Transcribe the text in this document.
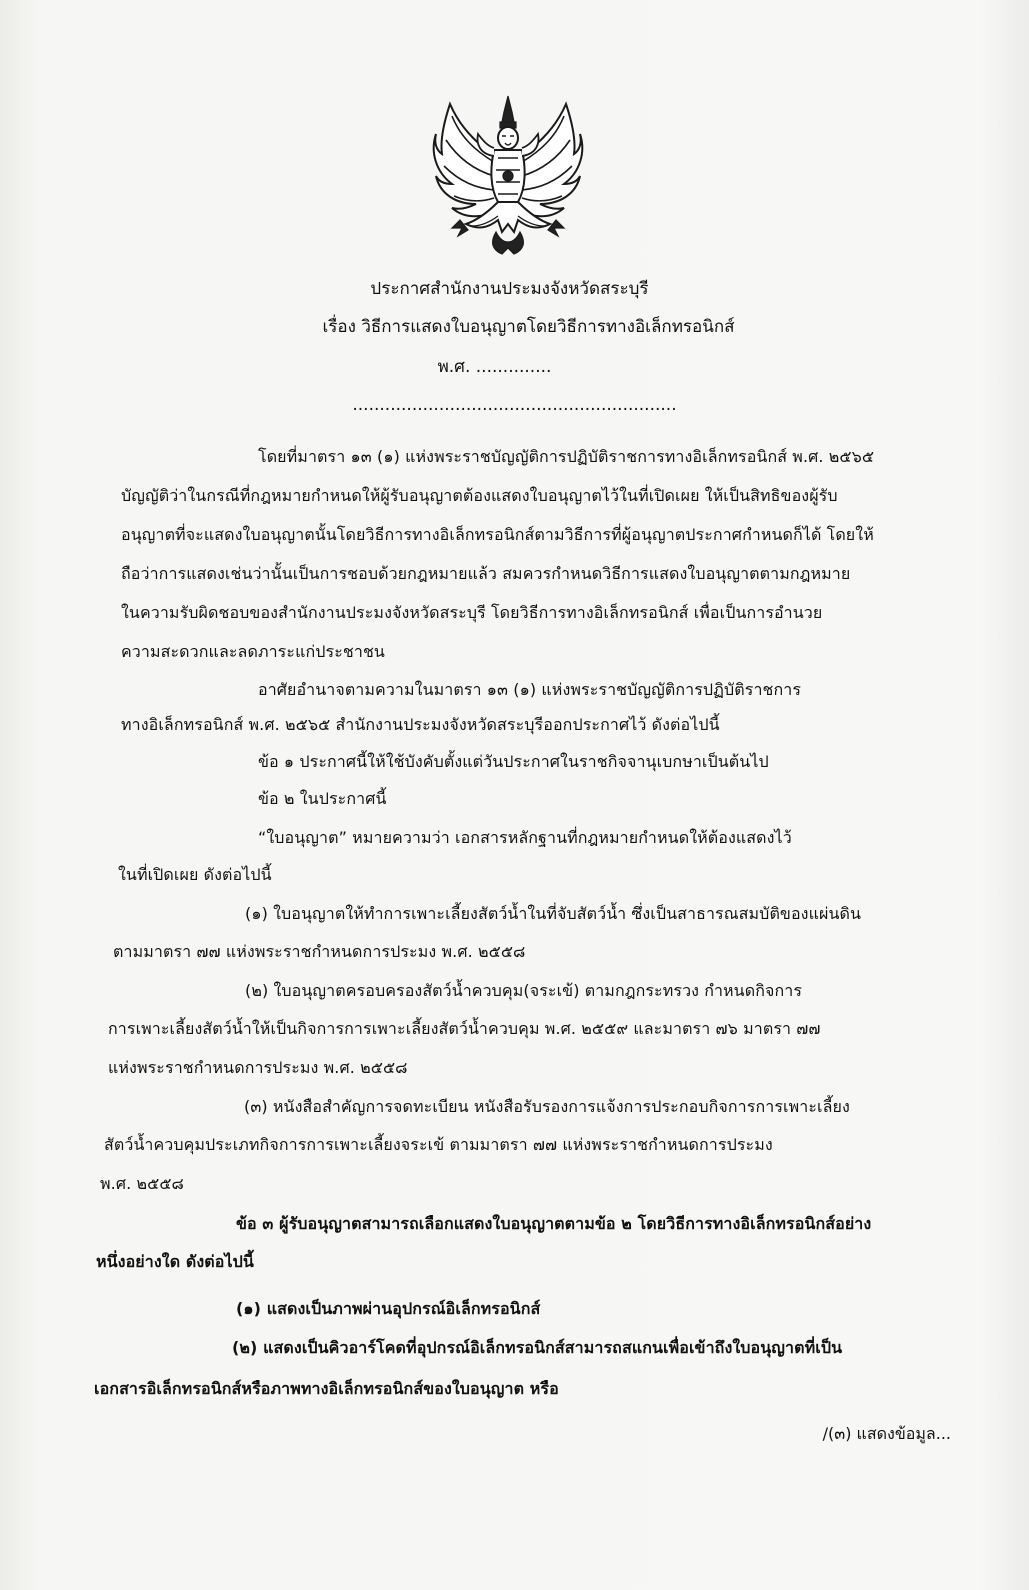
ประกาศสำนักงานประมงจังหวัดสระบุรี
เรื่อง วิธีการแสดงใบอนุญาตโดยวิธีการทางอิเล็กทรอนิกส์
พ.ศ. ..............
............................................................
โดยที่มาตรา ๑๓ (๑) แห่งพระราชบัญญัติการปฏิบัติราชการทางอิเล็กทรอนิกส์ พ.ศ. ๒๕๖๕
บัญญัติว่าในกรณีที่กฎหมายกำหนดให้ผู้รับอนุญาตต้องแสดงใบอนุญาตไว้ในที่เปิดเผย ให้เป็นสิทธิของผู้รับ
อนุญาตที่จะแสดงใบอนุญาตนั้นโดยวิธีการทางอิเล็กทรอนิกส์ตามวิธีการที่ผู้อนุญาตประกาศกำหนดก็ได้ โดยให้
ถือว่าการแสดงเช่นว่านั้นเป็นการชอบด้วยกฎหมายแล้ว สมควรกำหนดวิธีการแสดงใบอนุญาตตามกฎหมาย
ในความรับผิดชอบของสำนักงานประมงจังหวัดสระบุรี โดยวิธีการทางอิเล็กทรอนิกส์ เพื่อเป็นการอำนวย
ความสะดวกและลดภาระแก่ประชาชน
อาศัยอำนาจตามความในมาตรา ๑๓ (๑) แห่งพระราชบัญญัติการปฏิบัติราชการ
ทางอิเล็กทรอนิกส์ พ.ศ. ๒๕๖๕ สำนักงานประมงจังหวัดสระบุรีออกประกาศไว้ ดังต่อไปนี้
ข้อ ๑ ประกาศนี้ให้ใช้บังคับตั้งแต่วันประกาศในราชกิจจานุเบกษาเป็นต้นไป
ข้อ ๒ ในประกาศนี้
“ใบอนุญาต” หมายความว่า เอกสารหลักฐานที่กฎหมายกำหนดให้ต้องแสดงไว้
ในที่เปิดเผย ดังต่อไปนี้
(๑) ใบอนุญาตให้ทำการเพาะเลี้ยงสัตว์น้ำในที่จับสัตว์น้ำ ซึ่งเป็นสาธารณสมบัติของแผ่นดิน
ตามมาตรา ๗๗ แห่งพระราชกำหนดการประมง พ.ศ. ๒๕๕๘
(๒) ใบอนุญาตครอบครองสัตว์น้ำควบคุม(จระเข้) ตามกฎกระทรวง กำหนดกิจการ
การเพาะเลี้ยงสัตว์น้ำให้เป็นกิจการการเพาะเลี้ยงสัตว์น้ำควบคุม พ.ศ. ๒๕๕๙ และมาตรา ๗๖ มาตรา ๗๗
แห่งพระราชกำหนดการประมง พ.ศ. ๒๕๕๘
(๓) หนังสือสำคัญการจดทะเบียน หนังสือรับรองการแจ้งการประกอบกิจการการเพาะเลี้ยง
สัตว์น้ำควบคุมประเภทกิจการการเพาะเลี้ยงจระเข้ ตามมาตรา ๗๗ แห่งพระราชกำหนดการประมง
พ.ศ. ๒๕๕๘
ข้อ ๓ ผู้รับอนุญาตสามารถเลือกแสดงใบอนุญาตตามข้อ ๒ โดยวิธีการทางอิเล็กทรอนิกส์อย่าง
หนึ่งอย่างใด ดังต่อไปนี้
(๑) แสดงเป็นภาพผ่านอุปกรณ์อิเล็กทรอนิกส์
(๒) แสดงเป็นคิวอาร์โคดที่อุปกรณ์อิเล็กทรอนิกส์สามารถสแกนเพื่อเข้าถึงใบอนุญาตที่เป็น
เอกสารอิเล็กทรอนิกส์หรือภาพทางอิเล็กทรอนิกส์ของใบอนุญาต หรือ
/(๓) แสดงข้อมูล...
